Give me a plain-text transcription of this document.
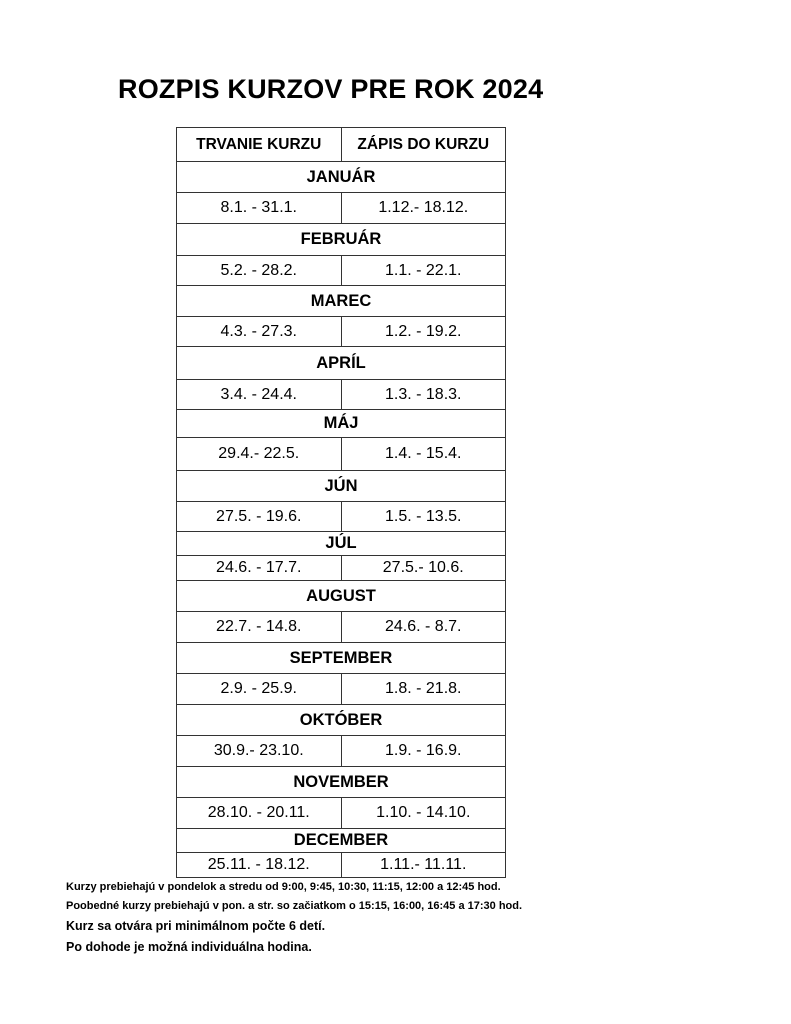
ROZPIS KURZOV PRE ROK 2024
TRVANIE KURZU	ZÁPIS DO KURZU
JANUÁR	
8.1. - 31.1.	1.12.- 18.12.
FEBRUÁR	
5.2. - 28.2.	1.1. - 22.1.
MAREC	
4.3. - 27.3.	1.2. - 19.2.
APRÍL	
3.4. - 24.4.	1.3. - 18.3.
MÁJ	
29.4.- 22.5.	1.4. - 15.4.
JÚN	
27.5. - 19.6.	1.5. - 13.5.
JÚL	
24.6. - 17.7.	27.5.- 10.6.
AUGUST	
22.7. - 14.8.	24.6. - 8.7.
SEPTEMBER	
2.9. - 25.9.	1.8. - 21.8.
OKTÓBER	
30.9.- 23.10.	1.9. - 16.9.
NOVEMBER	
28.10. - 20.11.	1.10. - 14.10.
DECEMBER	
25.11. - 18.12.	1.11.- 11.11.
Kurzy prebiehajú v pondelok a stredu od 9:00, 9:45, 10:30, 11:15, 12:00 a 12:45 hod.
Poobedné kurzy prebiehajú v pon. a str. so začiatkom o 15:15, 16:00, 16:45 a 17:30 hod.
Kurz sa otvára pri minimálnom počte 6 detí.
Po dohode je možná individuálna hodina.
